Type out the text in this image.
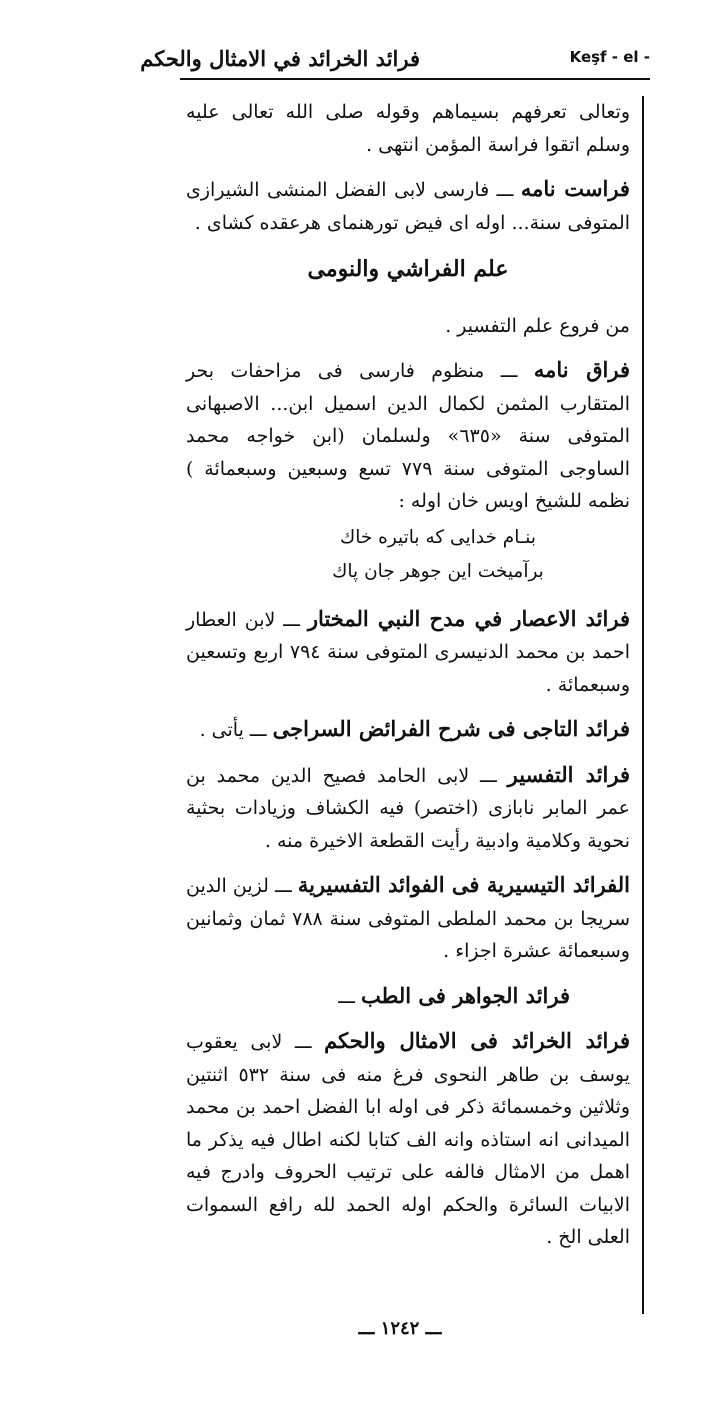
فرائد الخرائد في الامثال والحكم	Keşf - el -

وتعالى تعرفهم بسيماهم وقوله صلى الله تعالى عليه وسلم اتقوا فراسة المؤمن انتهى .

فراست نامه ـــ فارسى لابى الفضل المنشى الشيرازى المتوفى سنة... اوله اى فيض تورهنماى هرعقده كشاى .

علم الفراشي والنومى

من فروع علم التفسير .

فراق نامه ـــ منظوم فارسى فى مزاحفات بحر المتقارب المثمن لكمال الدين اسميل ابن... الاصبهانى المتوفى سنة «٦٣٥» ولسلمان (ابن خواجه محمد الساوجى المتوفى سنة ٧٧٩ تسع وسبعين وسبعمائة ) نظمه للشيخ اويس خان اوله :

بنـام خدايى كه باتيره خاك
برآميخت اين جوهر جان پاك

فرائد الاعصار في مدح النبي المختار ـــ لابن العطار احمد بن محمد الدنيسرى المتوفى سنة ٧٩٤ اربع وتسعين وسبعمائة .

فرائد التاجى فى شرح الفرائض السراجى ـــ يأتى .

فرائد التفسير ـــ لابى الحامد فصيح الدين محمد بن عمر المابر نابازى (اختصر) فيه الكشاف وزيادات بحثية نحوية وكلامية وادبية رأيت القطعة الاخيرة منه .

الفرائد التيسيرية فى الفوائد التفسيرية ـــ لزين الدين سريجا بن محمد الملطى المتوفى سنة ٧٨٨ ثمان وثمانين وسبعمائة عشرة اجزاء .

فرائد الجواهر فى الطب ـــ

فرائد الخرائد فى الامثال والحكم ـــ لابى يعقوب يوسف بن طاهر النحوى فرغ منه فى سنة ٥٣٢ اثنتين وثلاثين وخمسمائة ذكر فى اوله ابا الفضل احمد بن محمد الميدانى انه استاذه وانه الف كتابا لكنه اطال فيه يذكر ما اهمل من الامثال فالفه على ترتيب الحروف وادرج فيه الابيات السائرة والحكم اوله الحمد لله رافع السموات العلى الخ .

ـــ ١٢٤٢ ـــ
